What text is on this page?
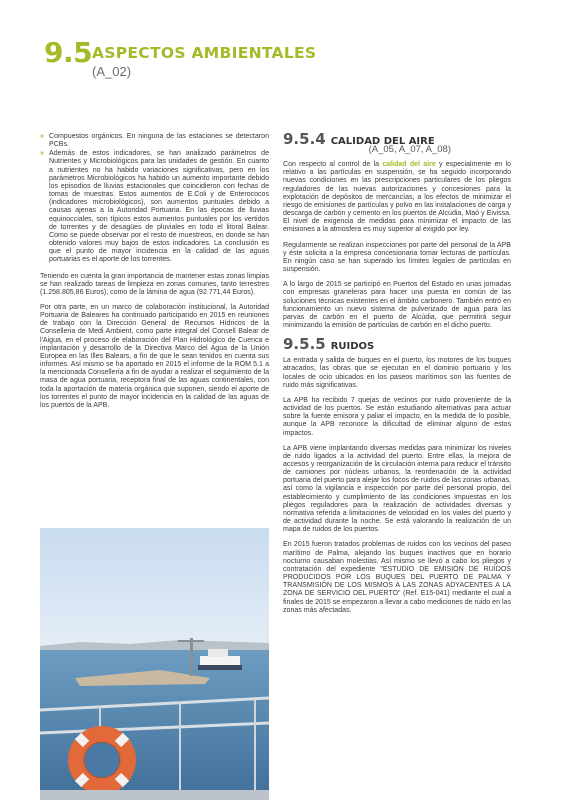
9.5 ASPECTOS AMBIENTALES
(A_02)
» Compuestos orgánicos. En ninguna de las estaciones se detectaron PCBs.
» Además de estos indicadores, se han analizado parámetros de Nutrientes y Microbiológicos para las unidades de gestión. En cuanto a nutrientes no ha habido variaciones significativas, pero en los parámetros Microbiológicos ha habido un aumento importante debido los episodios de lluvias estacionales que coincidieron con fechas de tomas de muestras. Estos aumentos de E.Coli y de Enterococos (indicadores microbiológicos), son aumentos puntuales debido a causas ajenas a la Autoridad Portuaria. En las épocas de lluvias equinocciales, son típicos estos aumentos puntuales por los vertidos de torrentes y de desagües de pluviales en todo el litoral Balear. Como se puede observar por el resto de muestreos, en donde se han obtenido valores muy bajos de estos indicadores. La conclusión es que el punto de mayor incidencia en la calidad de las aguas portuarias es el aporte de los torrentes.

Teniendo en cuenta la gran importancia de mantener estas zonas limpias se han realizado tareas de limpieza en zonas comunes, tanto terrestres (1.258.805,86 Euros), como de la lámina de agua (92.771,44 Euros).

Por otra parte, en un marco de colaboración institucional, la Autoridad Portuaria de Baleares ha continuado participando en 2015 en reuniones de trabajo con la Dirección General de Recursos Hídricos de la Conselleria de Medi Ambient, como parte integral del Consell Balear de l'Aigua, en el proceso de elaboración del Plan Hidrológico de Cuenca e implantación y desarrollo de la Directiva Marco del Agua de la Unión Europea en las Illes Balears, a fin de que le sean tenidos en cuenta sus informes. Así mismo se ha aportado en 2015 el informe de la ROM 5.1 a la mencionada Consellería a fin de ayudar a realizar el seguimiento de la masa de agua portuaria, receptora final de las aguas continentales, con toda la aportación de materia orgánica que suponen, siendo el aporte de los torrentes el punto de mayor incidencia en la calidad de las aguas de los puertos de la APB.

9.5.4 CALIDAD DEL AIRE
(A_05, A_07, A_08)

Con respecto al control de la calidad del aire y especialmente en lo relativo a las partículas en suspensión, se ha seguido incorporando nuevas condiciones en las prescripciones particulares de los pliegos reguladores de las nuevas autorizaciones y concesiones para la explotación de depósitos de mercancías, a los efectos de minimizar el riesgo de emisiones de partículas y polvo en las instalaciones de carga y descarga de carbón y cemento en los puertos de Alcúdia, Maó y Eivissa. El nivel de exigencia de medidas para minimizar el impacto de las emisiones a la atmosfera es muy superior al exigido por ley.

Regularmente se realizan inspecciones por parte del personal de la APB y éste solicita a la empresa concesionaria tomar lecturas de partículas. En ningún caso se han superado los límites legales de partículas en suspensión.

A lo largo de 2015 se participó en Puertos del Estado en unas jornadas con empresas graneleras para hacer una puesta en común de las soluciones técnicas existentes en el ámbito carbonero. También entró en funcionamiento un nuevo sistema de pulverizado de agua para las parvas de carbón en el puerto de Alcúdia, que permitirá seguir minimizando la emisión de partículas de carbón en el dicho puerto.

9.5.5 RUIDOS

La entrada y salida de buques en el puerto, los motores de los buques atracados, las obras que se ejecutan en el dominio portuario y los locales de ocio ubicados en los paseos marítimos son las fuentes de ruido más significativas.

La APB ha recibido 7 quejas de vecinos por ruido proveniente de la actividad de los puertos. Se están estudiando alternativas para actuar sobre la fuente emisora y paliar el impacto, en la medida de lo posible, aunque la APB reconoce la dificultad de eliminar alguno de estos impactos.

La APB viene implantando diversas medidas para minimizar los niveles de ruido ligados a la actividad del puerto. Entre ellas, la mejora de accesos y reorganización de la circulación interna para reducir el tránsito de camiones por núcleos urbanos, la reordenación de la actividad portuaria del puerto para alejar los focos de ruidos de las zonas urbanas, así como la vigilancia e inspección por parte del personal propio, del establecimiento y cumplimiento de las condiciones impuestas en los pliegos reguladores para la realización de actividades diversas y normativa referida a limitaciones de velocidad en los viales del puerto y de actividad durante la noche. Se está valorando la realización de un mapa de ruidos de los puertos.

En 2015 fueron tratados problemas de ruidos con los vecinos del paseo marítimo de Palma, alejando los buques inactivos que en horario nocturno causaban molestias. Así mismo se llevó a cabo los pliegos y contratación del expediente "ESTUDIO DE EMISIÓN DE RUIDOS PRODUCIDOS POR LOS BUQUES DEL PUERTO DE PALMA Y TRANSMISIÓN DE LOS MISMOS A LAS ZONAS ADYACENTES A LA ZONA DE SERVICIO DEL PUERTO" (Ref. E15-041) mediante el cual a finales de 2015 se empezaron a llevar a cabo mediciones de ruido en las zonas más afectadas.
